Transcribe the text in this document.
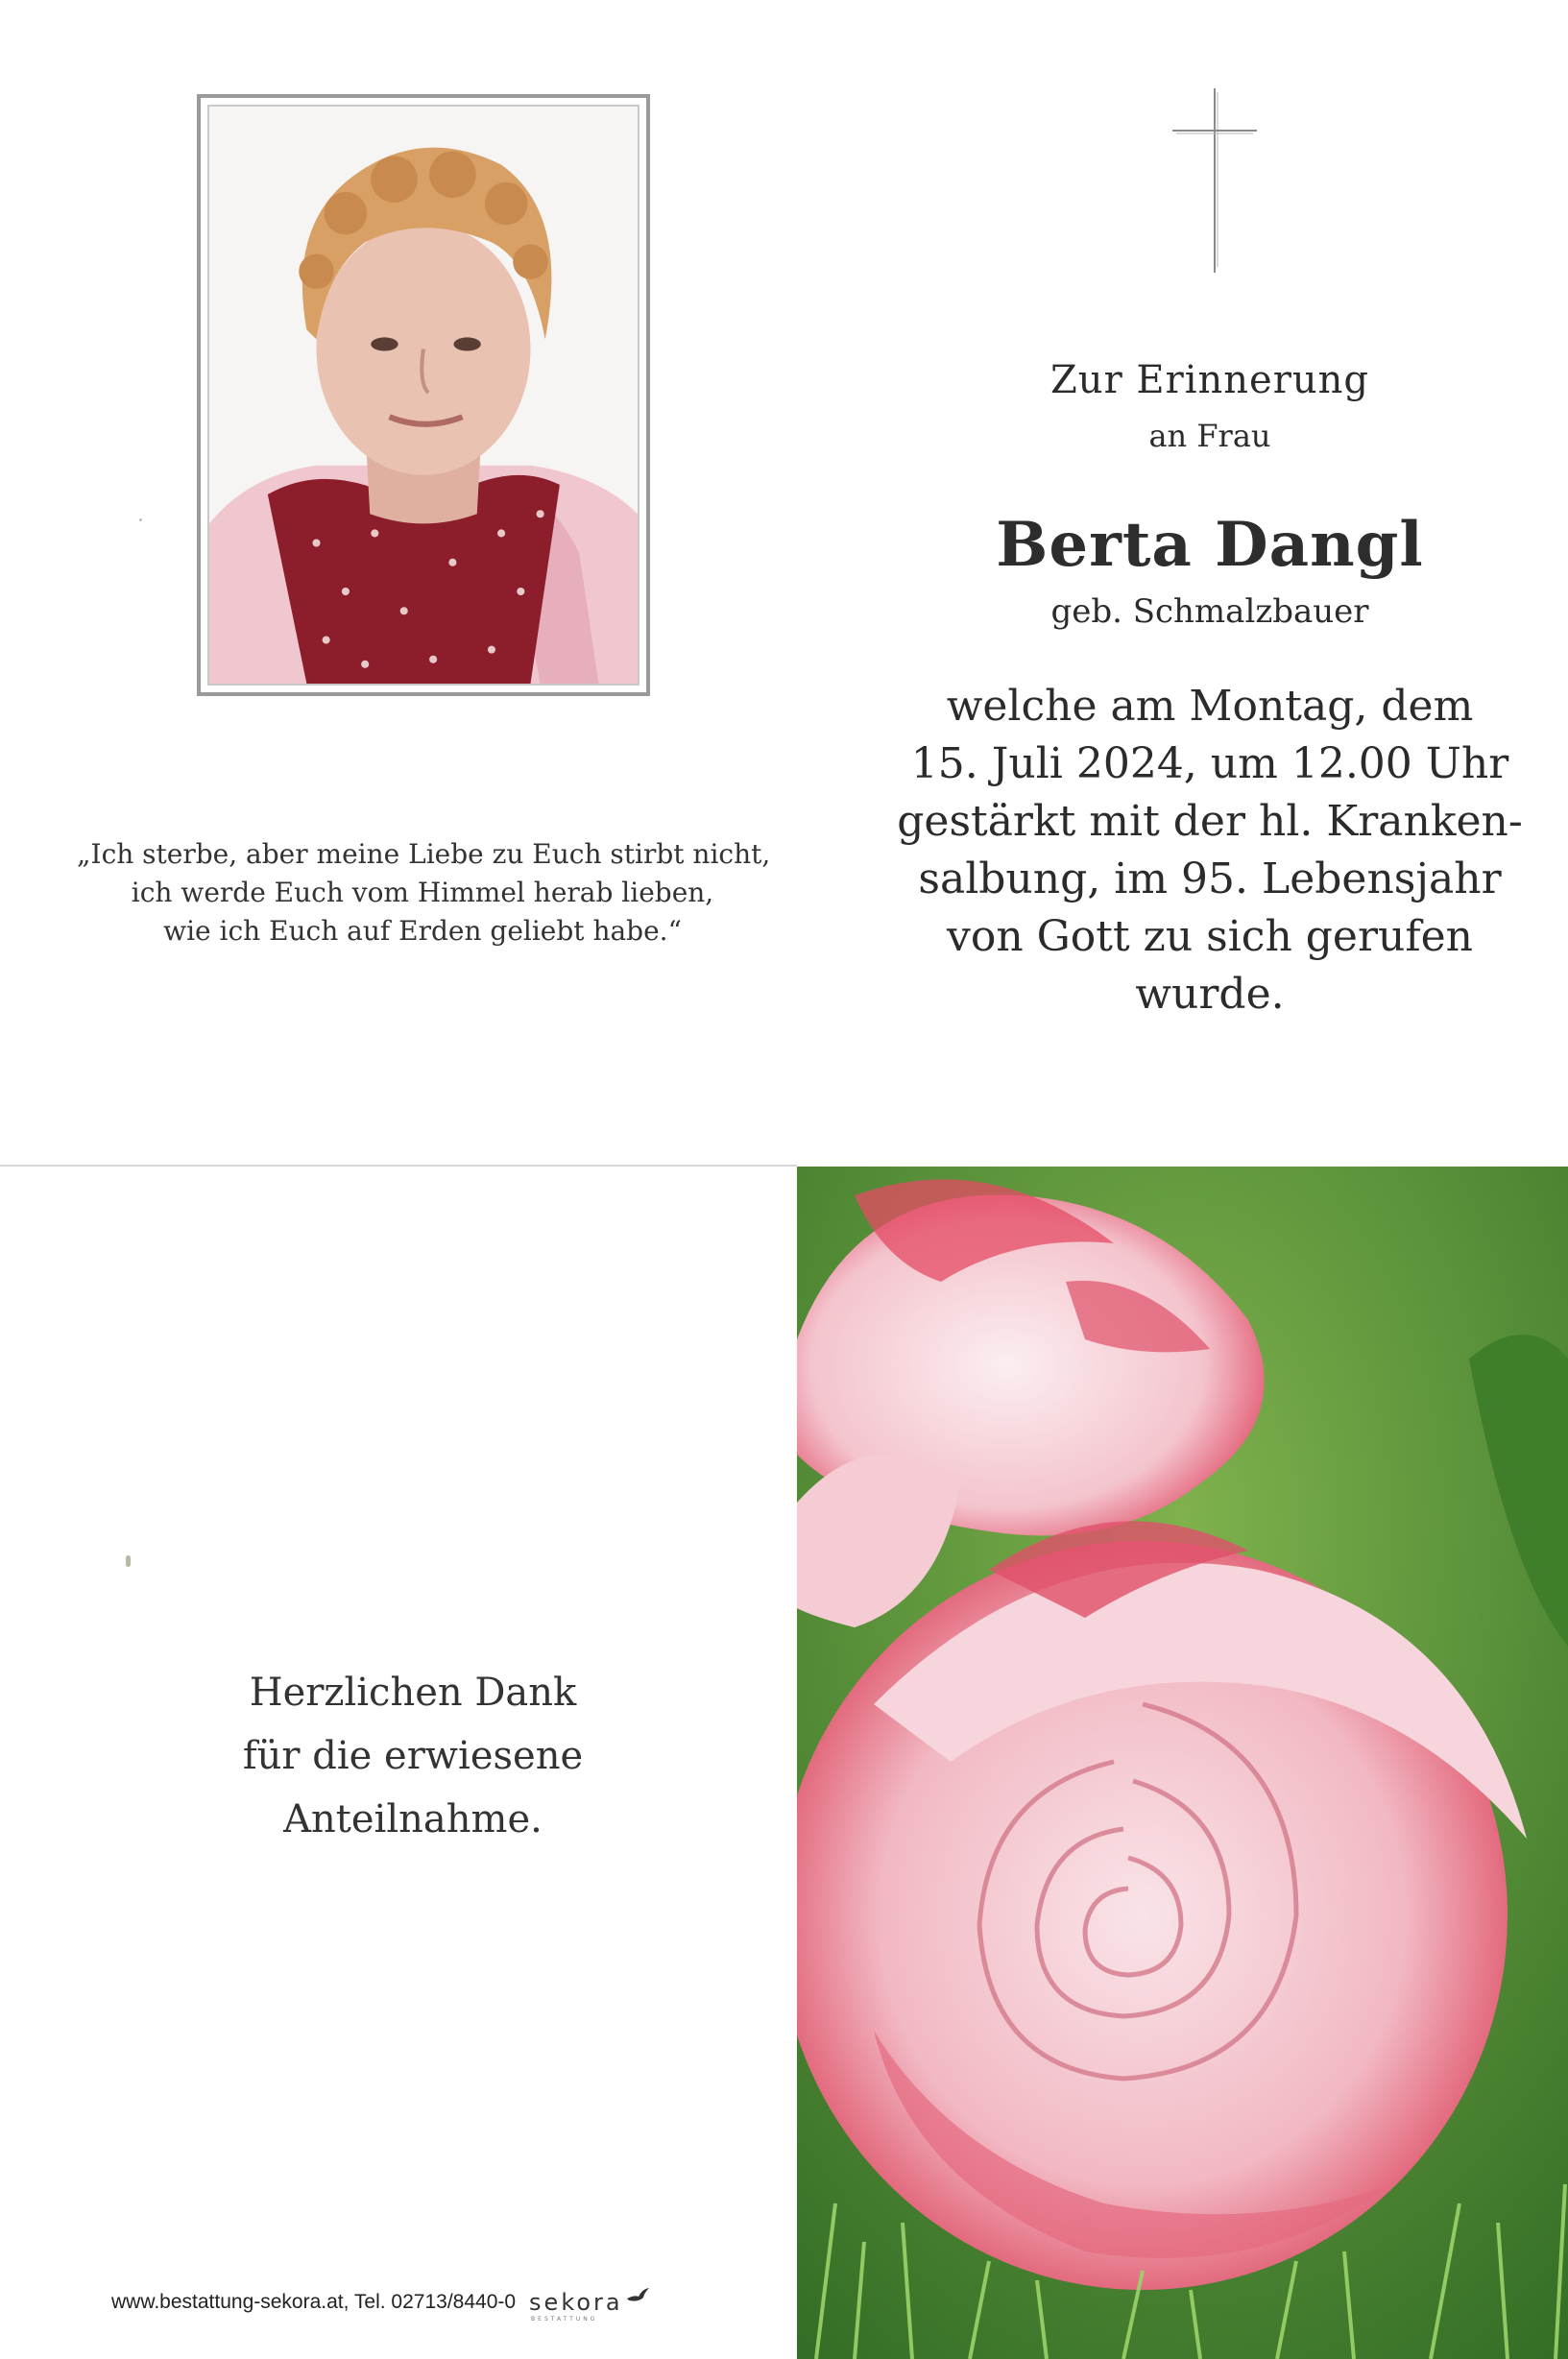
„Ich sterbe, aber meine Liebe zu Euch stirbt nicht,
ich werde Euch vom Himmel herab lieben,
wie ich Euch auf Erden geliebt habe.“
Zur Erinnerung
an Frau
Berta Dangl
geb. Schmalzbauer
welche am Montag, dem
15. Juli 2024, um 12.00 Uhr
gestärkt mit der hl. Kranken-
salbung, im 95. Lebensjahr
von Gott zu sich gerufen
wurde.
Herzlichen Dank
für die erwiesene
Anteilnahme.
www.bestattung-sekora.at, Tel. 02713/8440-0 sekora
BESTATTUNG
